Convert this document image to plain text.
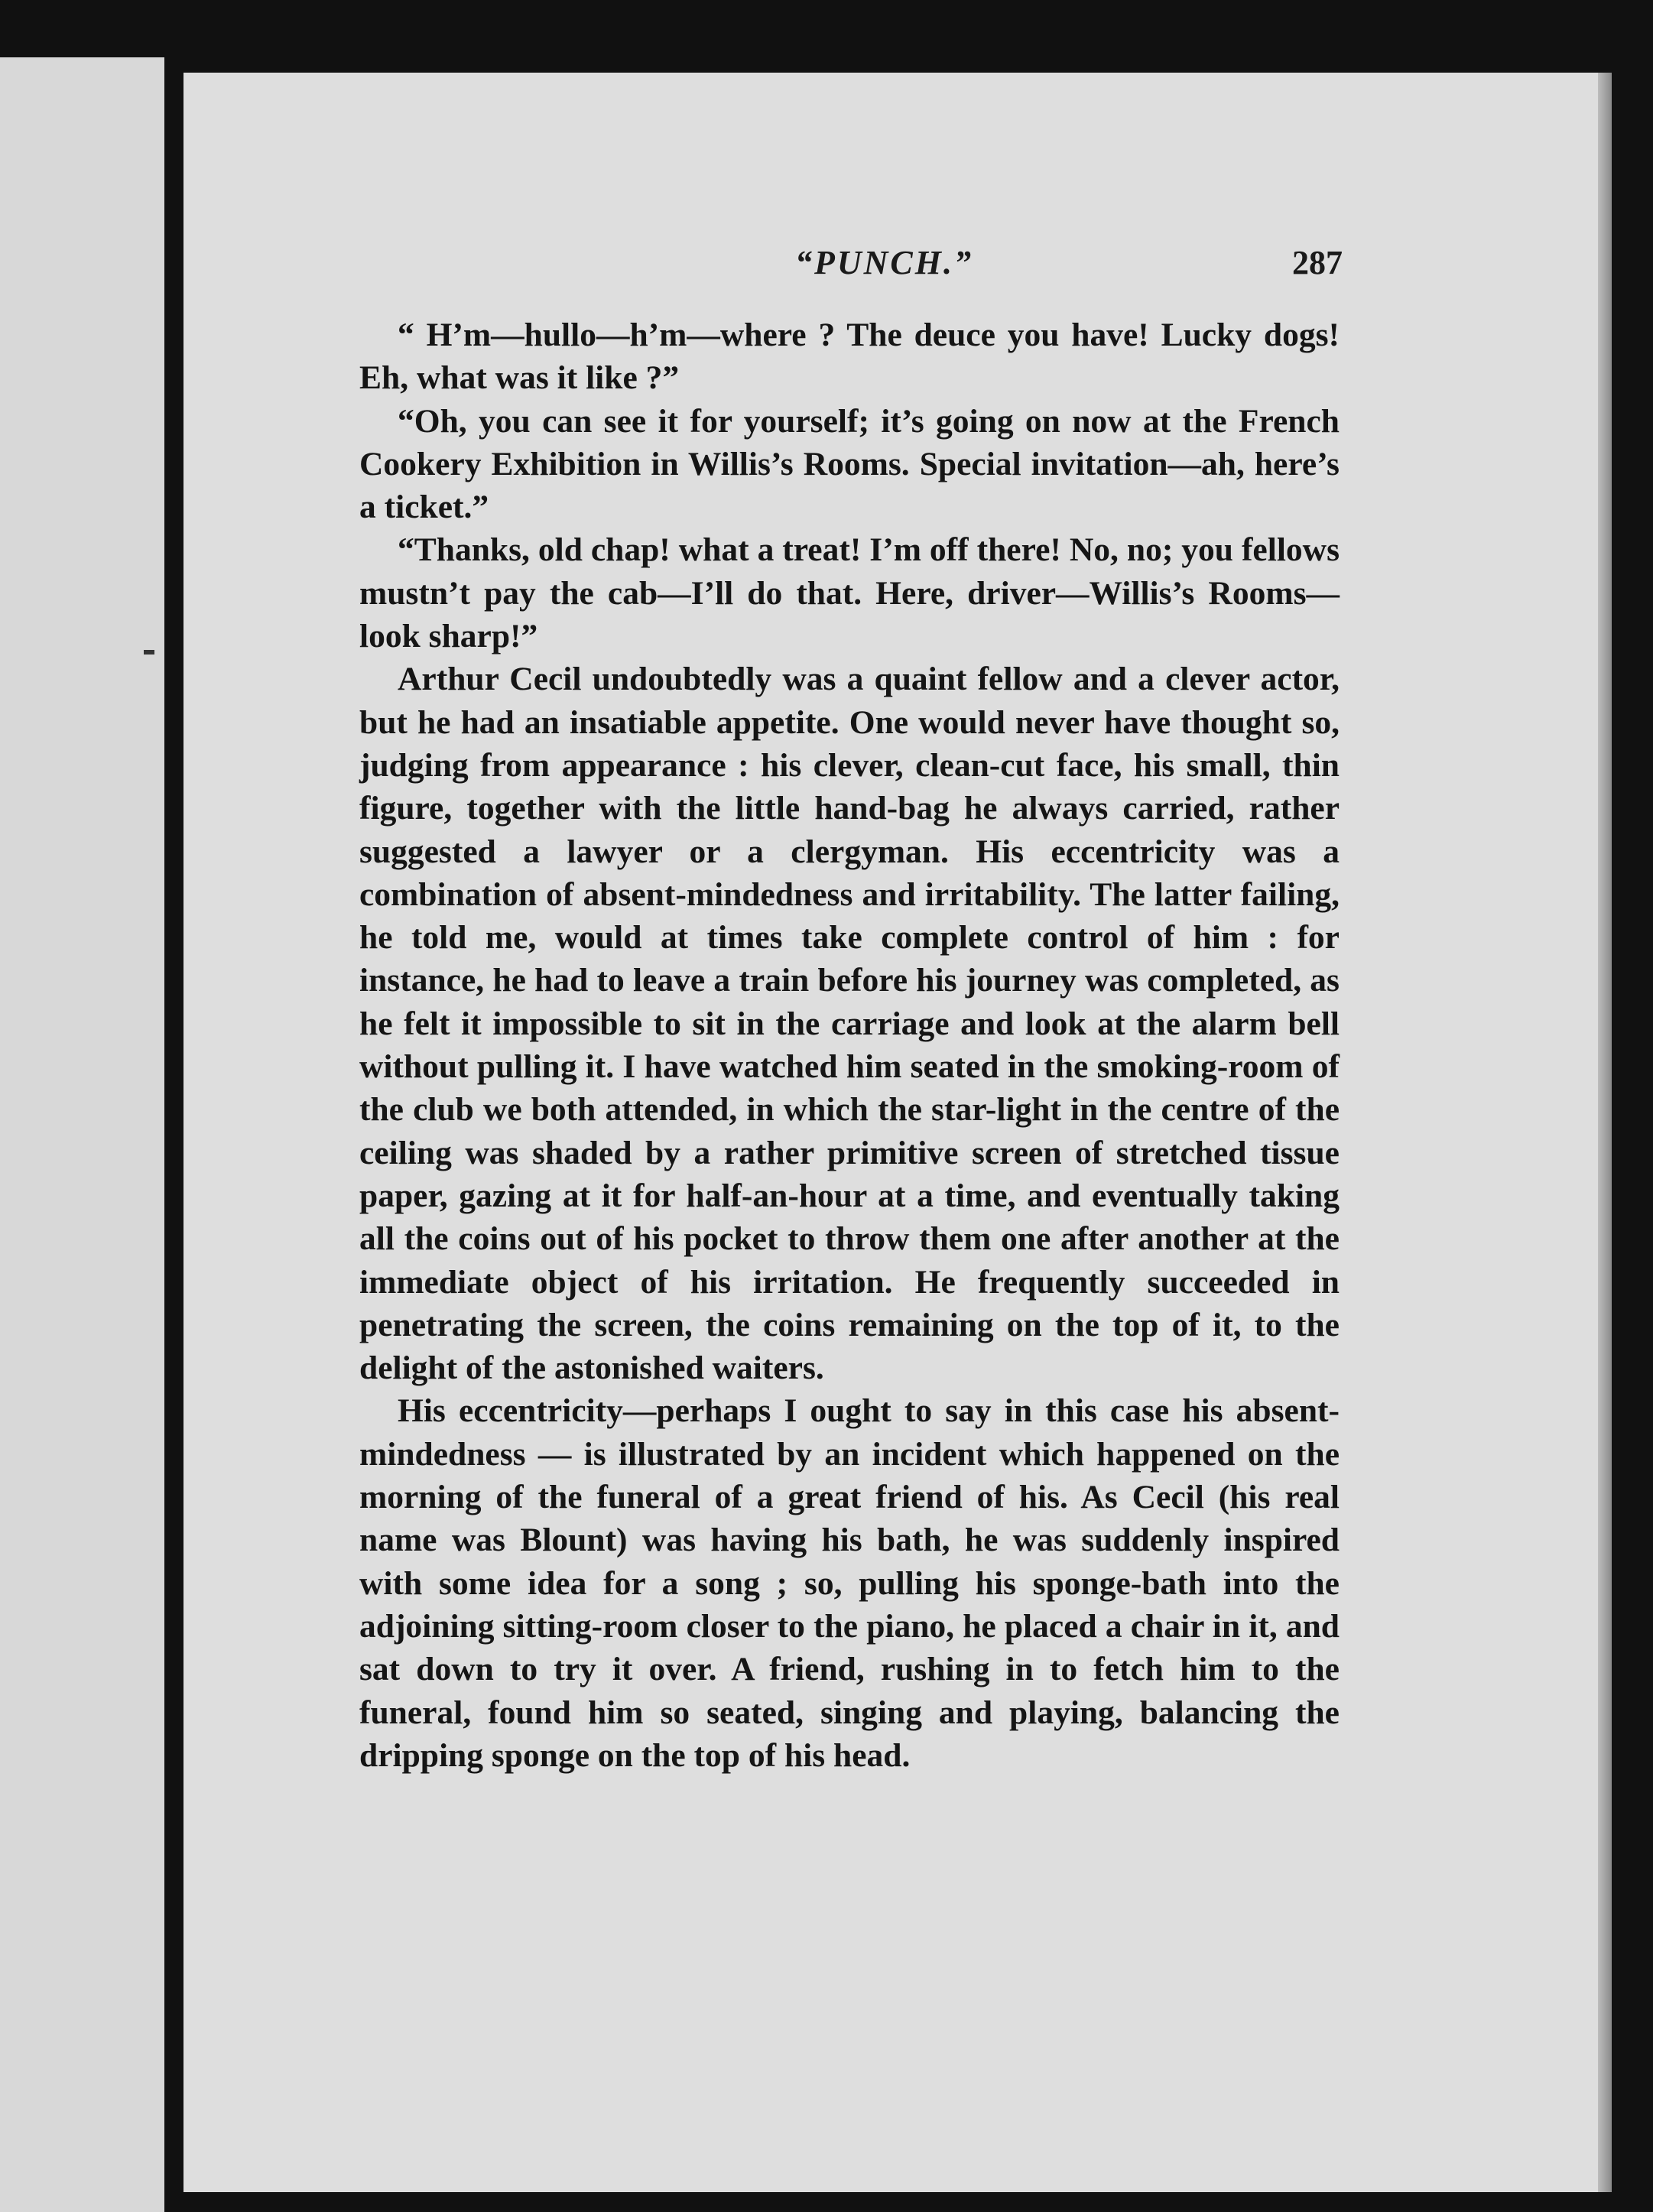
“PUNCH.”	287

“ H’m—hullo—h’m—where ? The deuce you have! Lucky dogs! Eh, what was it like ?”

“Oh, you can see it for yourself; it’s going on now at the French Cookery Exhibition in Willis’s Rooms. Special invitation—ah, here’s a ticket.”

“Thanks, old chap! what a treat! I’m off there! No, no; you fellows mustn’t pay the cab—I’ll do that. Here, driver—Willis’s Rooms—look sharp!”

Arthur Cecil undoubtedly was a quaint fellow and a clever actor, but he had an insatiable appetite. One would never have thought so, judging from appearance : his clever, clean-cut face, his small, thin figure, together with the little hand-bag he always carried, rather suggested a lawyer or a clergyman. His eccentricity was a combination of absent-mindedness and irritability. The latter failing, he told me, would at times take complete control of him : for instance, he had to leave a train before his journey was completed, as he felt it impossible to sit in the carriage and look at the alarm bell without pulling it. I have watched him seated in the smoking-room of the club we both attended, in which the star-light in the centre of the ceiling was shaded by a rather primitive screen of stretched tissue paper, gazing at it for half-an-hour at a time, and eventually taking all the coins out of his pocket to throw them one after another at the immediate object of his irritation. He frequently succeeded in penetrating the screen, the coins remaining on the top of it, to the delight of the astonished waiters.

His eccentricity—perhaps I ought to say in this case his absent-mindedness — is illustrated by an incident which happened on the morning of the funeral of a great friend of his. As Cecil (his real name was Blount) was having his bath, he was suddenly inspired with some idea for a song ; so, pulling his sponge-bath into the adjoining sitting-room closer to the piano, he placed a chair in it, and sat down to try it over. A friend, rushing in to fetch him to the funeral, found him so seated, singing and playing, balancing the dripping sponge on the top of his head.
